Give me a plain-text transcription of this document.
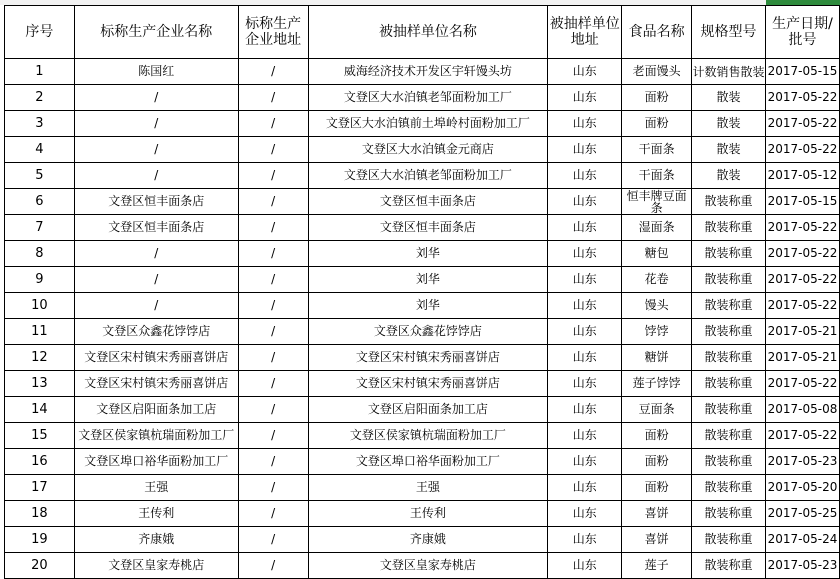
序号	标称生产企业名称	标称生产企业地址	被抽样单位名称	被抽样单位地址	食品名称	规格型号	生产日期/批号
1	陈国红	/	威海经济技术开发区宇轩馒头坊	山东	老面馒头	计数销售散装	2017-05-15
2	/	/	文登区大水泊镇老邹面粉加工厂	山东	面粉	散装	2017-05-22
3	/	/	文登区大水泊镇前土埠岭村面粉加工厂	山东	面粉	散装	2017-05-22
4	/	/	文登区大水泊镇金元商店	山东	干面条	散装	2017-05-22
5	/	/	文登区大水泊镇老邹面粉加工厂	山东	干面条	散装	2017-05-12
6	文登区恒丰面条店	/	文登区恒丰面条店	山东	恒丰牌豆面条	散装称重	2017-05-15
7	文登区恒丰面条店	/	文登区恒丰面条店	山东	湿面条	散装称重	2017-05-22
8	/	/	刘华	山东	糖包	散装称重	2017-05-22
9	/	/	刘华	山东	花卷	散装称重	2017-05-22
10	/	/	刘华	山东	馒头	散装称重	2017-05-22
11	文登区众鑫花饽饽店	/	文登区众鑫花饽饽店	山东	饽饽	散装称重	2017-05-21
12	文登区宋村镇宋秀丽喜饼店	/	文登区宋村镇宋秀丽喜饼店	山东	糖饼	散装称重	2017-05-21
13	文登区宋村镇宋秀丽喜饼店	/	文登区宋村镇宋秀丽喜饼店	山东	莲子饽饽	散装称重	2017-05-22
14	文登区启阳面条加工店	/	文登区启阳面条加工店	山东	豆面条	散装称重	2017-05-08
15	文登区侯家镇杭瑞面粉加工厂	/	文登区侯家镇杭瑞面粉加工厂	山东	面粉	散装称重	2017-05-22
16	文登区埠口裕华面粉加工厂	/	文登区埠口裕华面粉加工厂	山东	面粉	散装称重	2017-05-23
17	王强	/	王强	山东	面粉	散装称重	2017-05-20
18	王传利	/	王传利	山东	喜饼	散装称重	2017-05-25
19	齐康娥	/	齐康娥	山东	喜饼	散装称重	2017-05-24
20	文登区皇家寿桃店	/	文登区皇家寿桃店	山东	莲子	散装称重	2017-05-23
